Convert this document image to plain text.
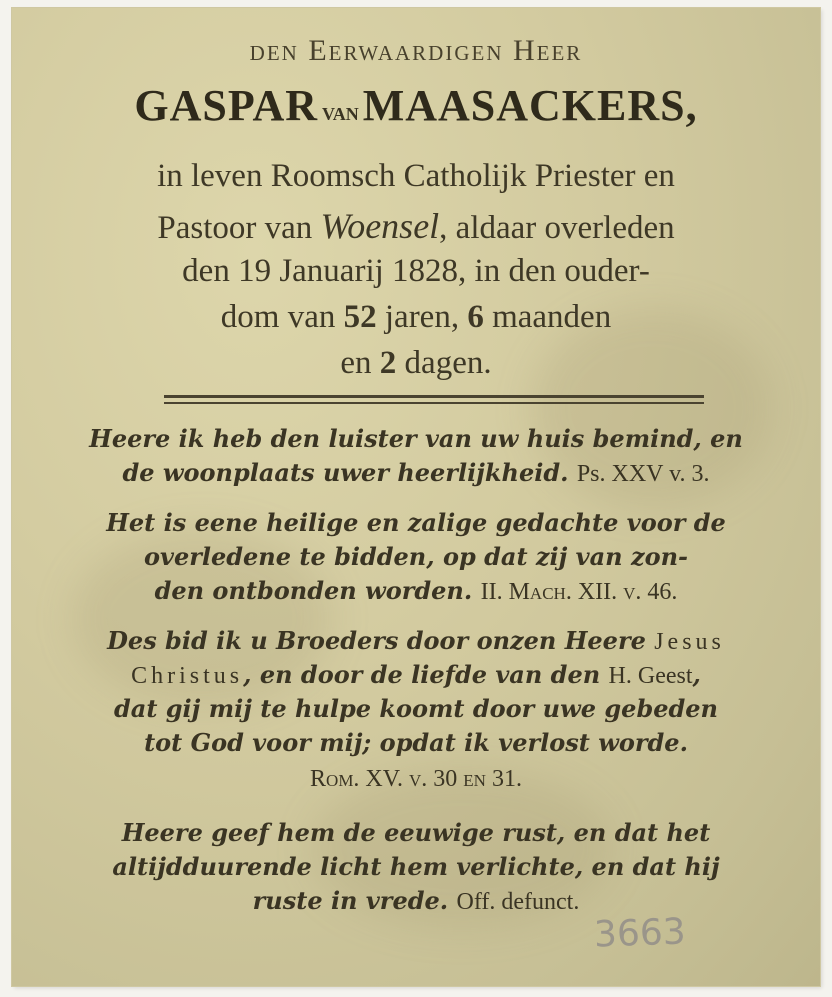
den Eerwaardigen Heer
GASPAR van MAASACKERS,
in leven Roomsch Catholijk Priester en
Pastoor van Woensel, aldaar overleden
den 19 Januarij 1828, in den ouder-
dom van 52 jaren, 6 maanden
en 2 dagen.
Heere ik heb den luister van uw huis bemind, en
de woonplaats uwer heerlijkheid. Ps. XXV v. 3.
Het is eene heilige en zalige gedachte voor de
overledene te bidden, op dat zij van zon-
den ontbonden worden. II. Mach. XII. v. 46.
Des bid ik u Broeders door onzen Heere Jesus
Christus, en door de liefde van den H. Geest,
dat gij mij te hulpe koomt door uwe gebeden
tot God voor mij; opdat ik verlost worde.
Rom. XV. v. 30 en 31.
Heere geef hem de eeuwige rust, en dat het
altijdduurende licht hem verlichte, en dat hij
ruste in vrede. Off. defunct.
3663
